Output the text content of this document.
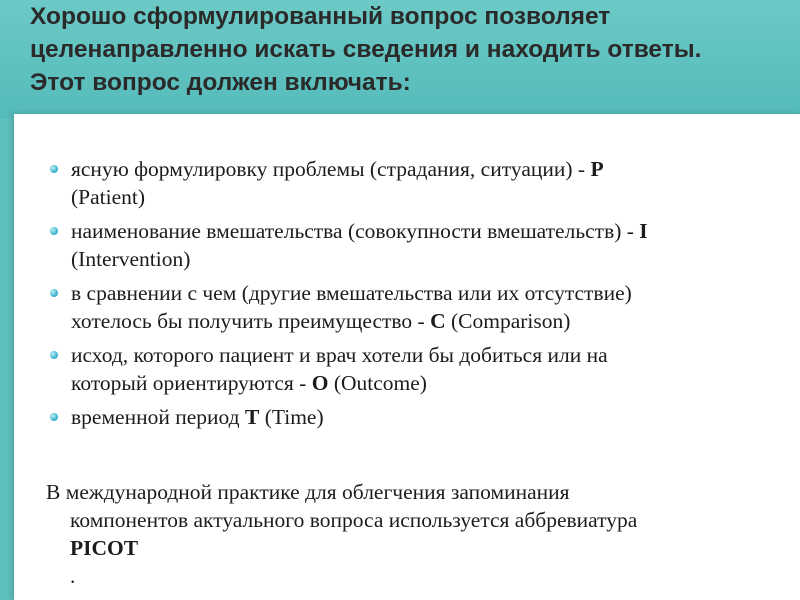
Хорошо сформулированный вопрос позволяет
целенаправленно искать сведения и находить ответы.
Этот вопрос должен включать:
ясную формулировку проблемы (страдания, ситуации) - P
(Patient)
наименование вмешательства (совокупности вмешательств) - I
(Intervention)
в сравнении с чем (другие вмешательства или их отсутствие)
хотелось бы получить преимущество - C (Comparison)
исход, которого пациент и врач хотели бы добиться или на
который ориентируются - O (Outcome)
временной период T (Time)
В международной практике для облегчения запоминания
компонентов актуального вопроса используется аббревиатура
PICOT
.
